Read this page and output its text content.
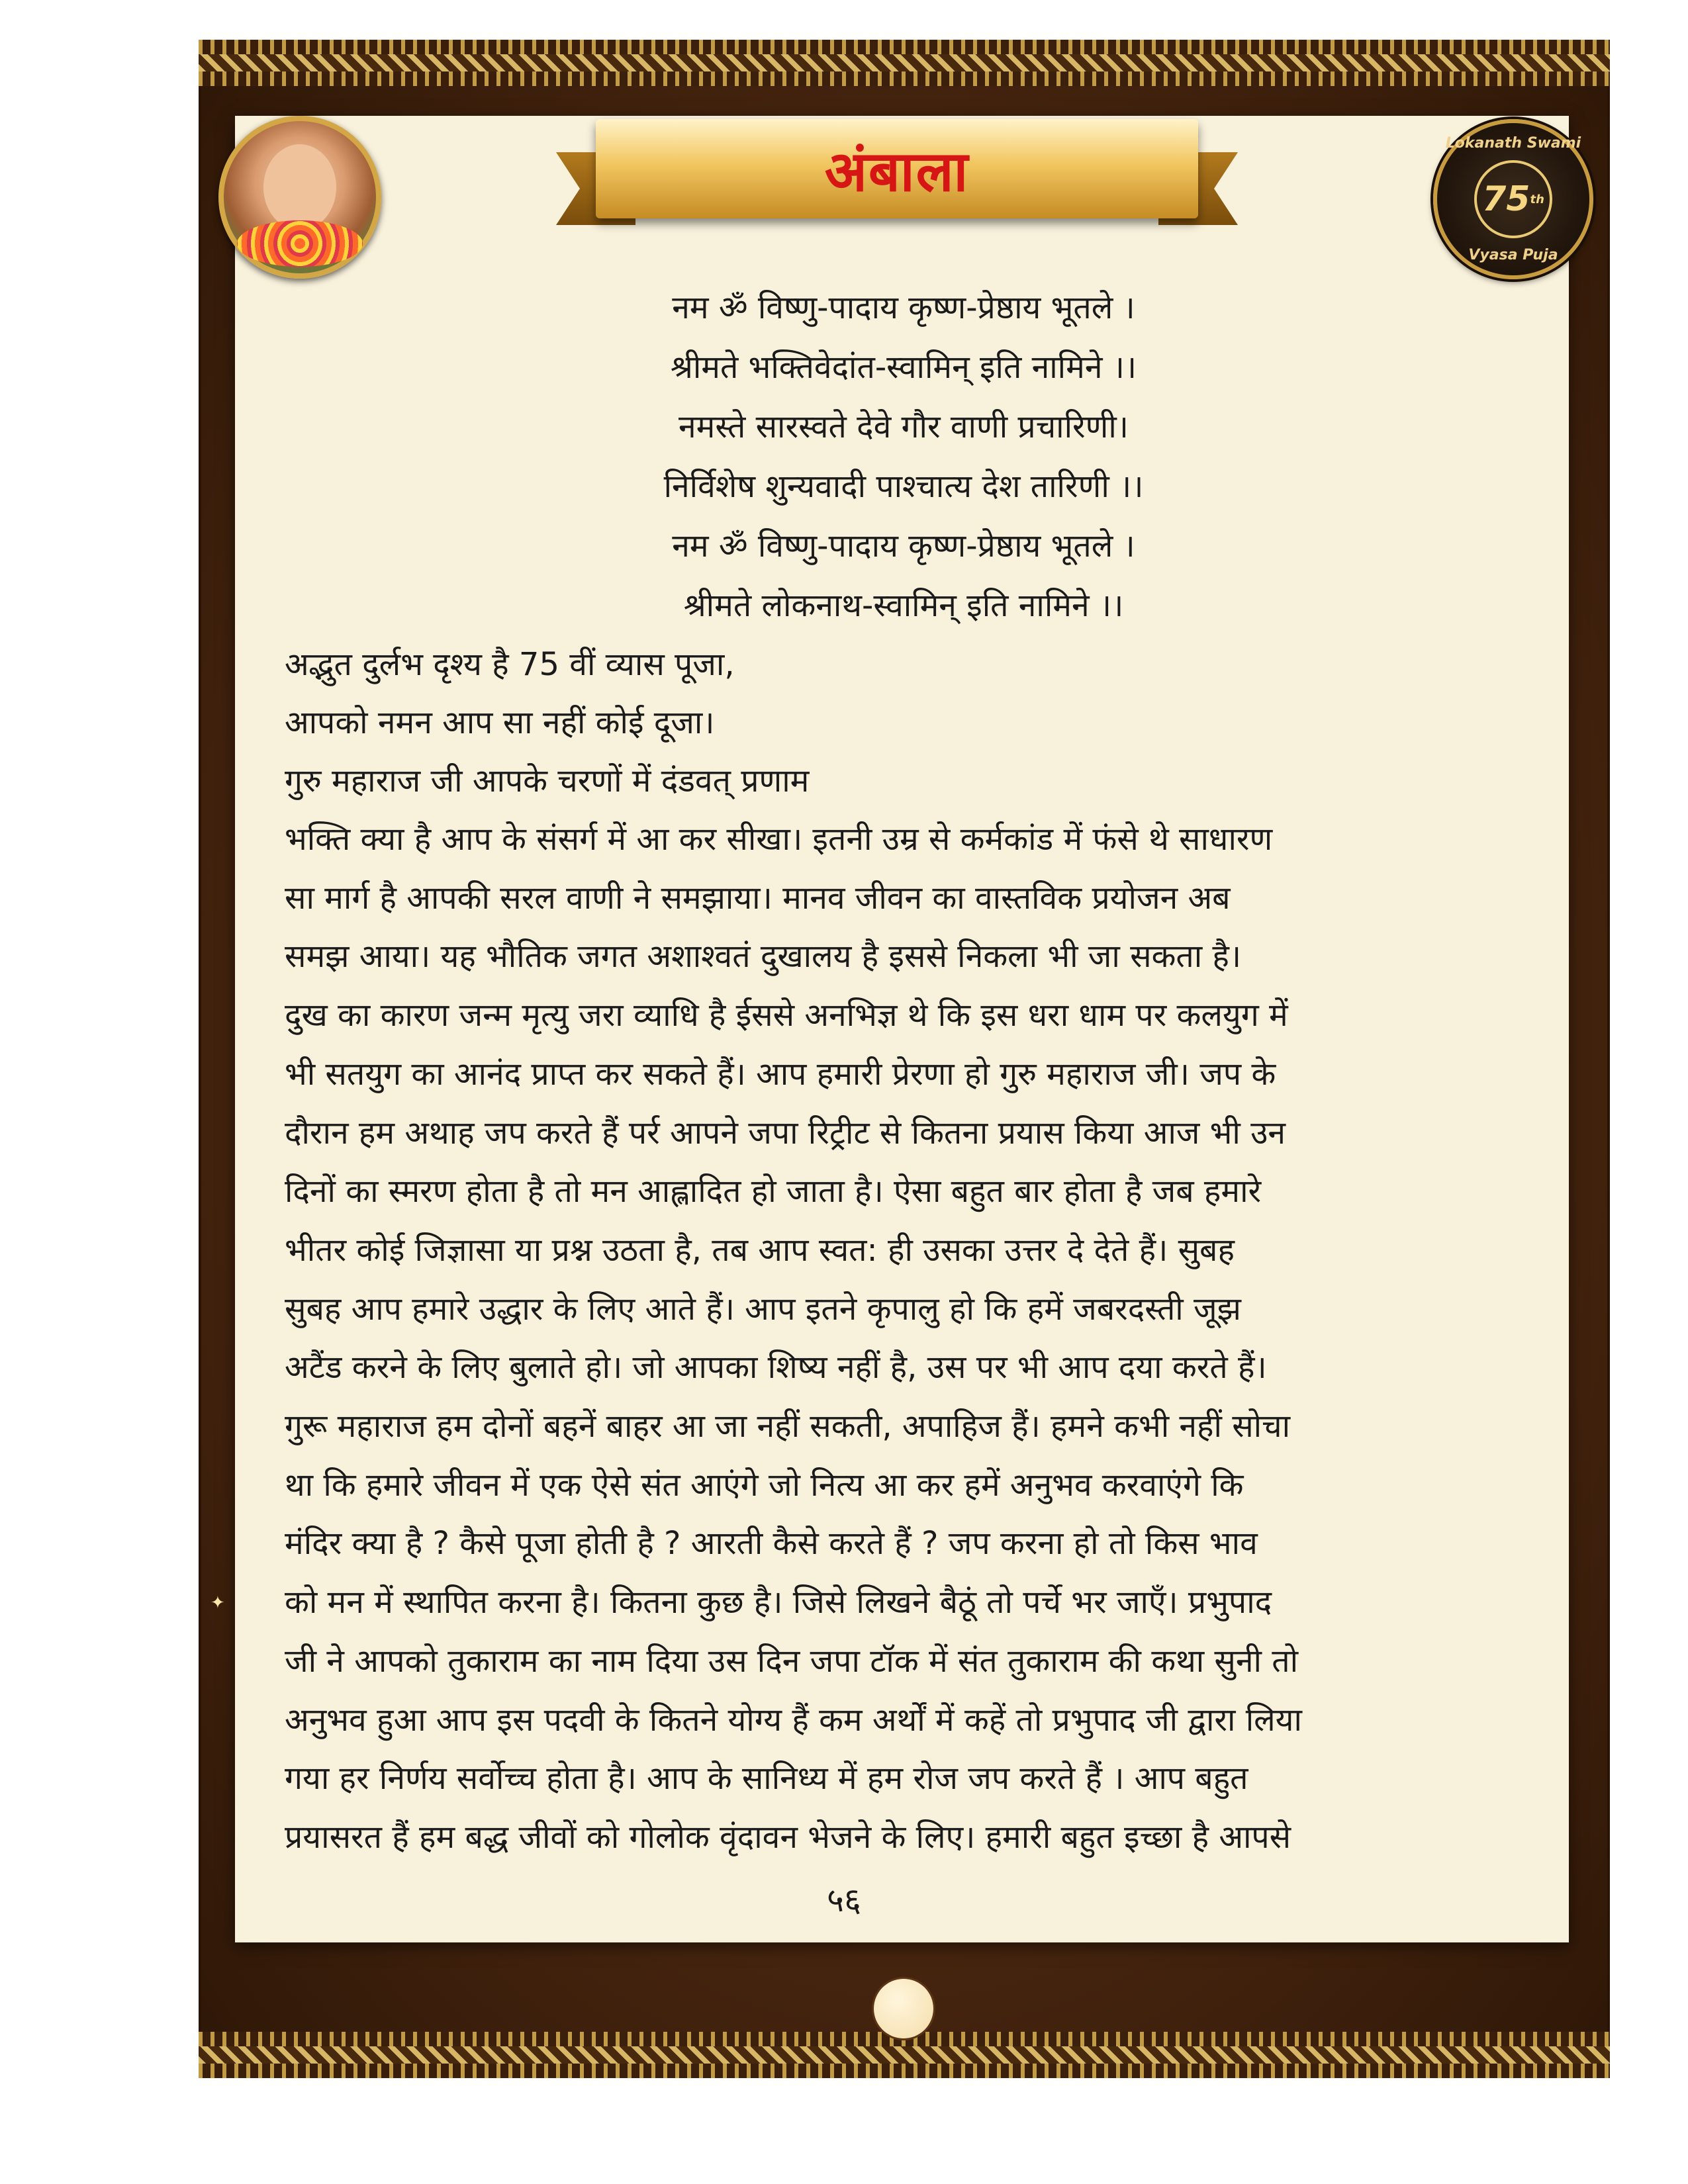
✦
अंबाला	Lokanath Swami
75 th
Vyasa Puja

नम ॐ विष्णु-पादाय कृष्ण-प्रेष्ठाय भूतले ।

श्रीमते भक्तिवेदांत-स्वामिन् इति नामिने ।।

नमस्ते सारस्वते देवे गौर वाणी प्रचारिणी।

निर्विशेष शुन्यवादी पाश्चात्य देश तारिणी ।।

नम ॐ विष्णु-पादाय कृष्ण-प्रेष्ठाय भूतले ।

श्रीमते लोकनाथ-स्वामिन् इति नामिने ।।

अद्भुत दुर्लभ दृश्य है 75 वीं व्यास पूजा,

आपको नमन आप सा नहीं कोई दूजा।

गुरु महाराज जी आपके चरणों में दंडवत् प्रणाम

भक्ति क्या है आप के संसर्ग में आ कर सीखा। इतनी उम्र से कर्मकांड में फंसे थे साधारण

सा मार्ग है आपकी सरल वाणी ने समझाया। मानव जीवन का वास्तविक प्रयोजन अब

समझ आया। यह भौतिक जगत अशाश्वतं दुखालय है इससे निकला भी जा सकता है।

दुख का कारण जन्म मृत्यु जरा व्याधि है ईससे अनभिज्ञ थे कि इस धरा धाम पर कलयुग में

भी सतयुग का आनंद प्राप्त कर सकते हैं। आप हमारी प्रेरणा हो गुरु महाराज जी। जप के

दौरान हम अथाह जप करते हैं पर्र आपने जपा रिट्रीट से कितना प्रयास किया आज भी उन

दिनों का स्मरण होता है तो मन आह्लादित हो जाता है। ऐसा बहुत बार होता है जब हमारे

भीतर कोई जिज्ञासा या प्रश्न उठता है, तब आप स्वत: ही उसका उत्तर दे देते हैं। सुबह

सुबह आप हमारे उद्धार के लिए आते हैं। आप इतने कृपालु हो कि हमें जबरदस्ती जूझ

अटैंड करने के लिए बुलाते हो। जो आपका शिष्य नहीं है, उस पर भी आप दया करते हैं।

गुरू महाराज हम दोनों बहनें बाहर आ जा नहीं सकती, अपाहिज हैं। हमने कभी नहीं सोचा

था कि हमारे जीवन में एक ऐसे संत आएंगे जो नित्य आ कर हमें अनुभव करवाएंगे कि

मंदिर क्या है ? कैसे पूजा होती है ? आरती कैसे करते हैं ? जप करना हो तो किस भाव

को मन में स्थापित करना है। कितना कुछ है। जिसे लिखने बैठूं तो पर्चे भर जाएँ। प्रभुपाद

जी ने आपको तुकाराम का नाम दिया उस दिन जपा टॉक में संत तुकाराम की कथा सुनी तो

अनुभव हुआ आप इस पदवी के कितने योग्य हैं कम अर्थों में कहें तो प्रभुपाद जी द्वारा लिया

गया हर निर्णय सर्वोच्च होता है। आप के सानिध्य में हम रोज जप करते हैं । आप बहुत

प्रयासरत हैं हम बद्ध जीवों को गोलोक वृंदावन भेजने के लिए। हमारी बहुत इच्छा है आपसे

५६
